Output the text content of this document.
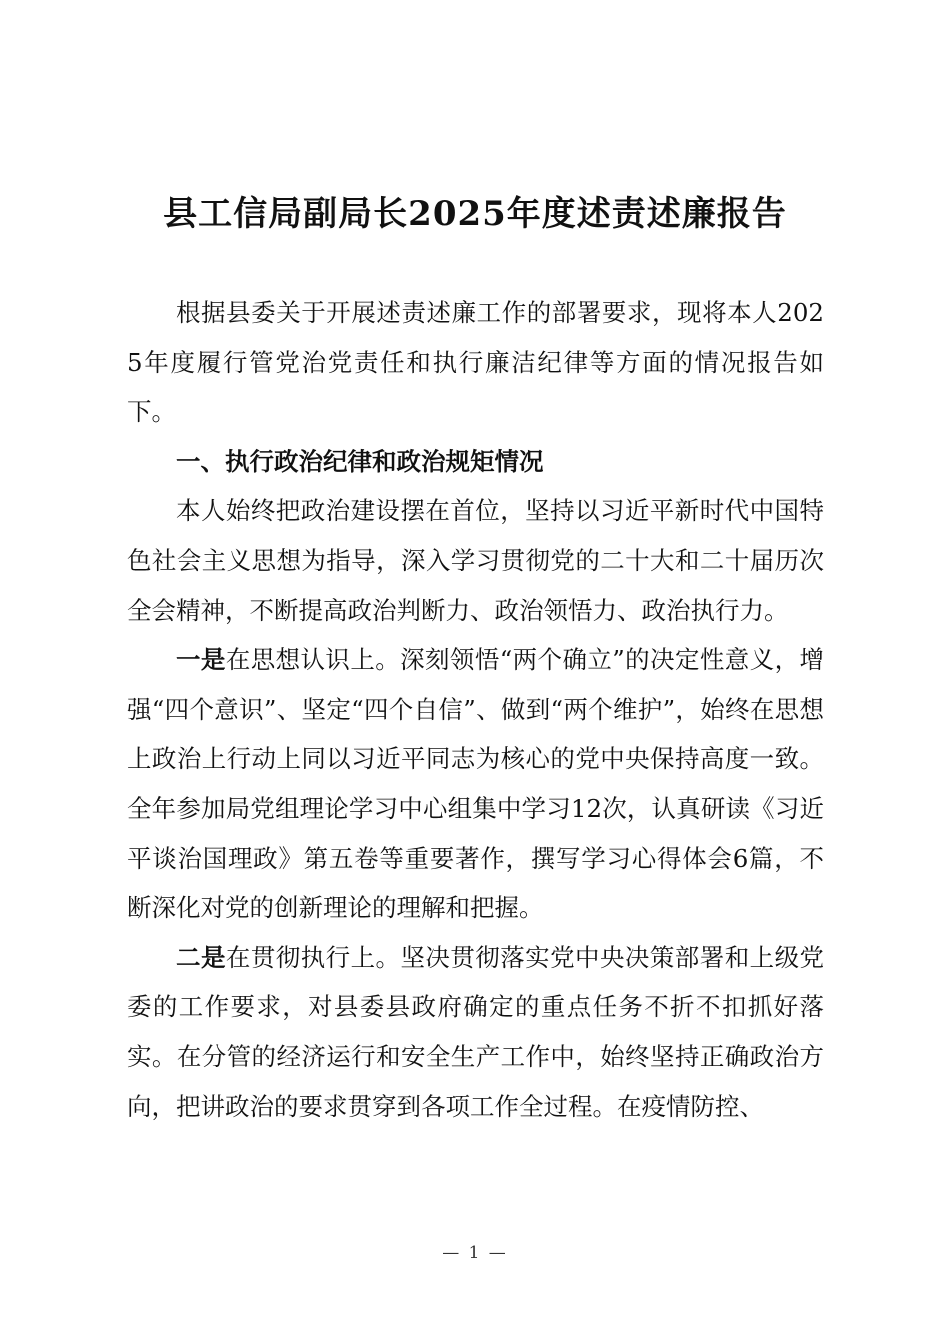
县工信局副局长2025年度述责述廉报告

根据县委关于开展述责述廉工作的部署要求，现将本人2025年度履行管党治党责任和执行廉洁纪律等方面的情况报告如下。

一、执行政治纪律和政治规矩情况

本人始终把政治建设摆在首位，坚持以习近平新时代中国特色社会主义思想为指导，深入学习贯彻党的二十大和二十届历次全会精神，不断提高政治判断力、政治领悟力、政治执行力。

一是在思想认识上。深刻领悟“两个确立”的决定性意义，增强“四个意识”、坚定“四个自信”、做到“两个维护”，始终在思想上政治上行动上同以习近平同志为核心的党中央保持高度一致。全年参加局党组理论学习中心组集中学习12次，认真研读《习近平谈治国理政》第五卷等重要著作，撰写学习心得体会6篇，不断深化对党的创新理论的理解和把握。

二是在贯彻执行上。坚决贯彻落实党中央决策部署和上级党委的工作要求，对县委县政府确定的重点任务不折不扣抓好落实。在分管的经济运行和安全生产工作中，始终坚持正确政治方向，把讲政治的要求贯穿到各项工作全过程。在疫情防控、

— 1 —
